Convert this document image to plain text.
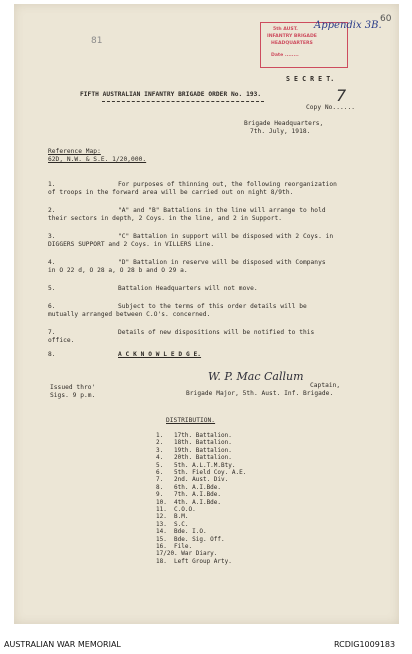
81
60
5th AUST.
INFANTRY BRIGADE
HEADQUARTERS
Date ........
Appendix 3B.
S E C R E T.
FIFTH AUSTRALIAN INFANTRY BRIGADE ORDER No. 193.
Copy No......
7
Brigade Headquarters,
7th. July, 1918.
Reference Map:
62D, N.W. & S.E. 1/20,000.
1.	For purposes of thinning out, the following reorganization
of troops in the forward area will be carried out on night 8/9th.
2.	"A" and "B" Battalions in the line will arrange to hold
their sectors in depth, 2 Coys. in the line, and 2 in Support.
3.	"C" Battalion in support will be disposed with 2 Coys. in
DIGGERS SUPPORT and 2 Coys. in VILLERS Line.
4.	"D" Battalion in reserve will be disposed with Companys
in O 22 d, O 28 a, O 28 b and O 29 a.
5.	Battalion Headquarters will not move.
6.	Subject to the terms of this order details will be
mutually arranged between C.O's. concerned.
7.	Details of new dispositions will be notified to this
office.
8.	A C K N O W L E D G E.
W. P. Mac Callum
Captain,
Brigade Major, 5th. Aust. Inf. Brigade.
Issued thro'
Sigs. 9 p.m.
DISTRIBUTION.
1.   17th. Battalion.
2.   18th. Battalion.
3.   19th. Battalion.
4.   20th. Battalion.
5.   5th. A.L.T.M.Bty.
6.   5th. Field Coy. A.E.
7.   2nd. Aust. Div.
8.   6th. A.I.Bde.
9.   7th. A.I.Bde.
10.  4th. A.I.Bde.
11.  C.O.O.
12.  B.M.
13.  S.C.
14.  Bde. I.O.
15.  Bde. Sig. Off.
16.  File.
17/20. War Diary.
18.  Left Group Arty.
AUSTRALIAN WAR MEMORIAL	RCDIG1009183
